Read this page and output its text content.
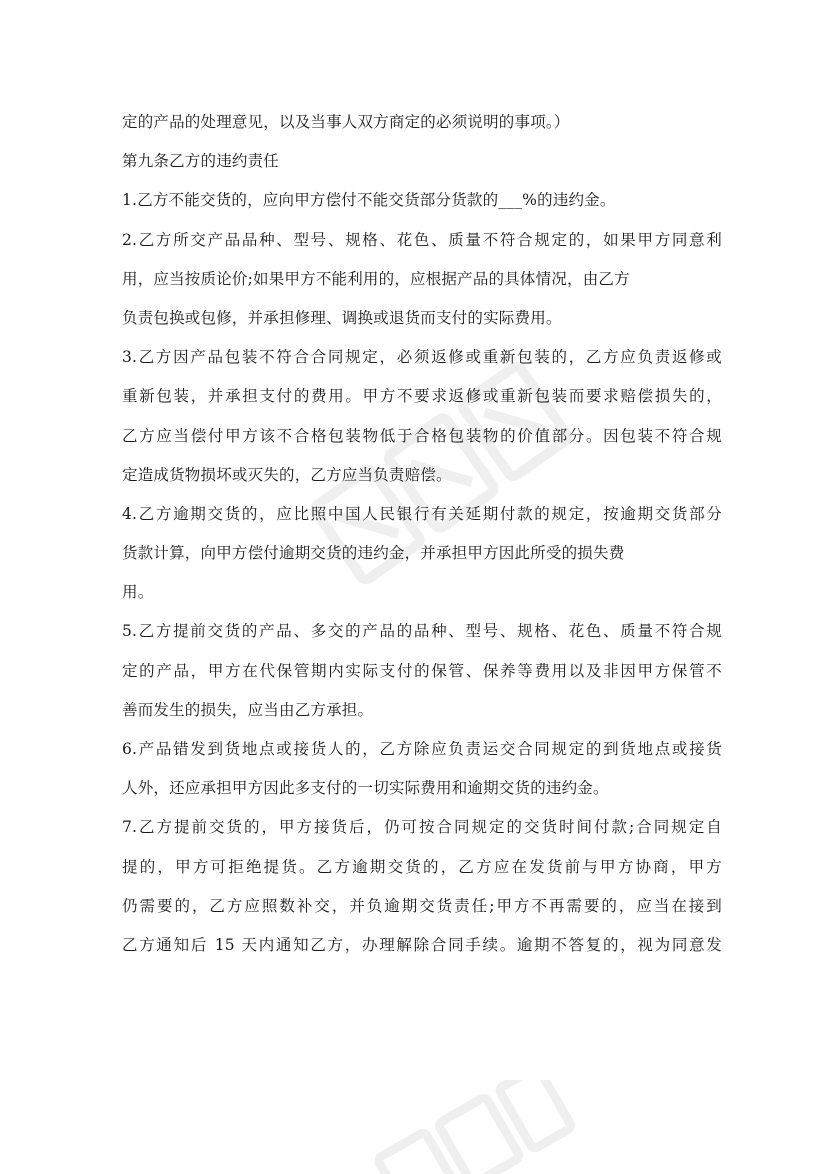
定的产品的处理意见，以及当事人双方商定的必须说明的事项。）
第九条乙方的违约责任
1.乙方不能交货的，应向甲方偿付不能交货部分货款的___%的违约金。
2.乙方所交产品品种、型号、规格、花色、质量不符合规定的，如果甲方同意利
用，应当按质论价;如果甲方不能利用的，应根据产品的具体情况，由乙方
负责包换或包修，并承担修理、调换或退货而支付的实际费用。
3.乙方因产品包装不符合合同规定，必须返修或重新包装的，乙方应负责返修或
重新包装，并承担支付的费用。甲方不要求返修或重新包装而要求赔偿损失的，
乙方应当偿付甲方该不合格包装物低于合格包装物的价值部分。因包装不符合规
定造成货物损坏或灭失的，乙方应当负责赔偿。
4.乙方逾期交货的，应比照中国人民银行有关延期付款的规定，按逾期交货部分
货款计算，向甲方偿付逾期交货的违约金，并承担甲方因此所受的损失费
用。
5.乙方提前交货的产品、多交的产品的品种、型号、规格、花色、质量不符合规
定的产品，甲方在代保管期内实际支付的保管、保养等费用以及非因甲方保管不
善而发生的损失，应当由乙方承担。
6.产品错发到货地点或接货人的，乙方除应负责运交合同规定的到货地点或接货
人外，还应承担甲方因此多支付的一切实际费用和逾期交货的违约金。
7.乙方提前交货的，甲方接货后，仍可按合同规定的交货时间付款;合同规定自
提的，甲方可拒绝提货。乙方逾期交货的，乙方应在发货前与甲方协商，甲方
仍需要的，乙方应照数补交，并负逾期交货责任;甲方不再需要的，应当在接到
乙方通知后 15 天内通知乙方，办理解除合同手续。逾期不答复的，视为同意发
